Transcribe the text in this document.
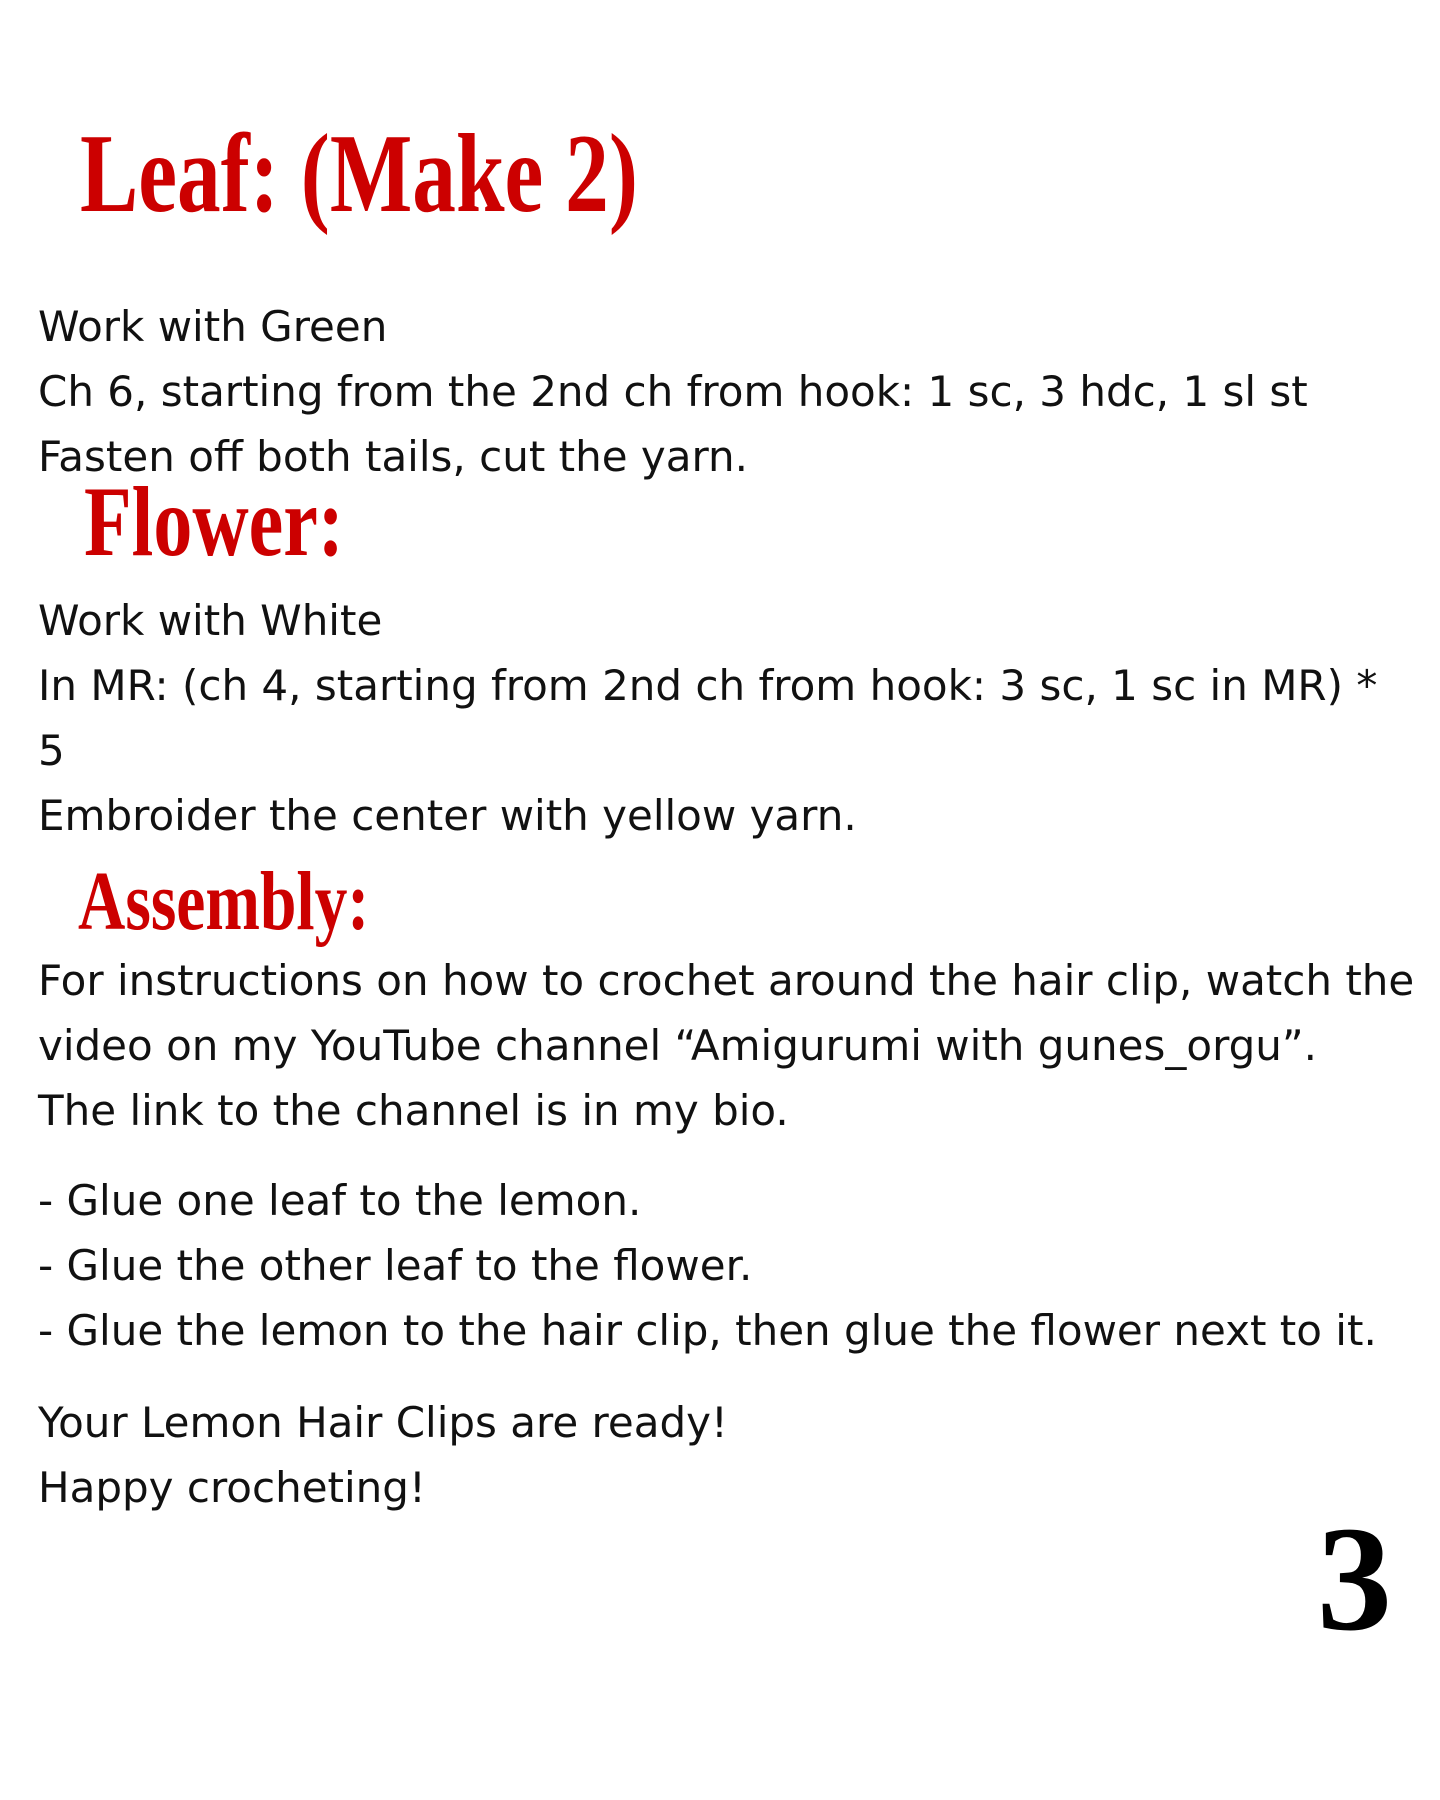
Leaf: (Make 2)

Work with Green

Ch 6, starting from the 2nd ch from hook: 1 sc, 3 hdc, 1 sl st

Fasten off both tails, cut the yarn.

Flower:

Work with White

In MR: (ch 4, starting from 2nd ch from hook: 3 sc, 1 sc in MR) * 5

Embroider the center with yellow yarn.

Assembly:

For instructions on how to crochet around the hair clip, watch the

video on my YouTube channel “Amigurumi with gunes_orgu”.

The link to the channel is in my bio.

- Glue one leaf to the lemon.

- Glue the other leaf to the flower.

- Glue the lemon to the hair clip, then glue the flower next to it.

Your Lemon Hair Clips are ready!

Happy crocheting!

3
